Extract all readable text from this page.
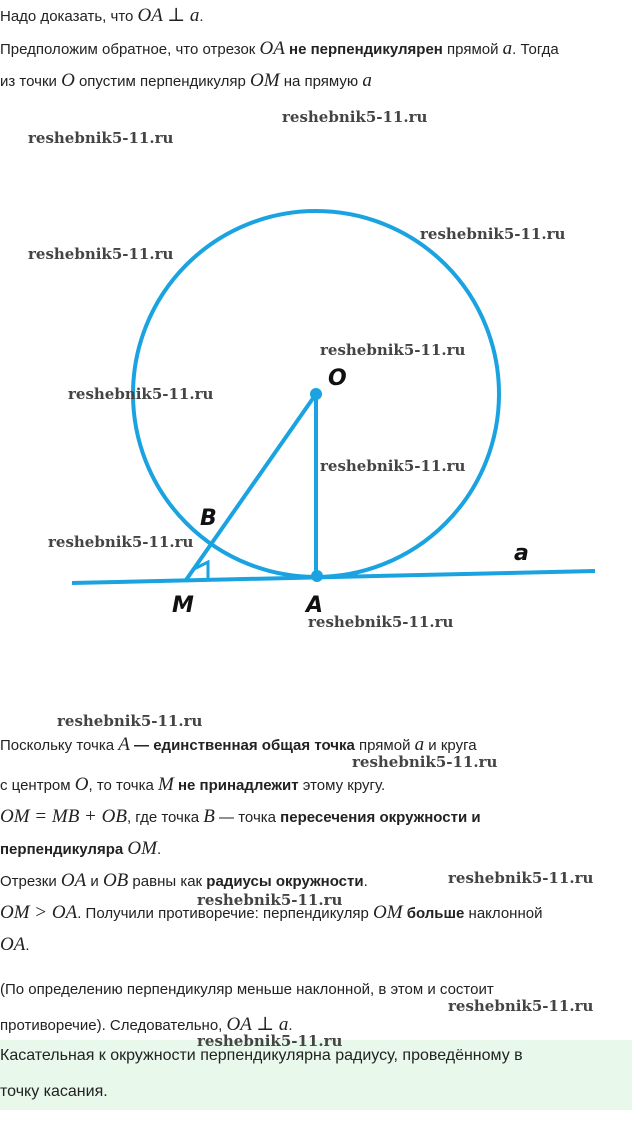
Надо доказать, что OA ⊥ a.
Предположим обратное, что отрезок OA не перпендикулярен прямой a. Тогда
из точки O опустим перпендикуляр OM на прямую a
O
B
M	A
a
Поскольку точка A — единственная общая точка прямой a и круга
с центром O, то точка M не принадлежит этому кругу.
OM = MB + OB, где точка B — точка пересечения окружности и
перпендикуляра OM.
Отрезки OA и OB равны как радиусы окружности.
OM > OA. Получили противоречие: перпендикуляр OM больше наклонной
OA.
(По определению перпендикуляр меньше наклонной, в этом и состоит
противоречие). Следовательно, OA ⊥ a.
Касательная к окружности перпендикулярна радиусу, проведённому в
точку касания.
reshebnik5-11.ru
reshebnik5-11.ru
reshebnik5-11.ru
reshebnik5-11.ru
reshebnik5-11.ru
reshebnik5-11.ru
reshebnik5-11.ru
reshebnik5-11.ru
reshebnik5-11.ru
reshebnik5-11.ru
reshebnik5-11.ru
reshebnik5-11.ru
reshebnik5-11.ru
reshebnik5-11.ru
reshebnik5-11.ru
